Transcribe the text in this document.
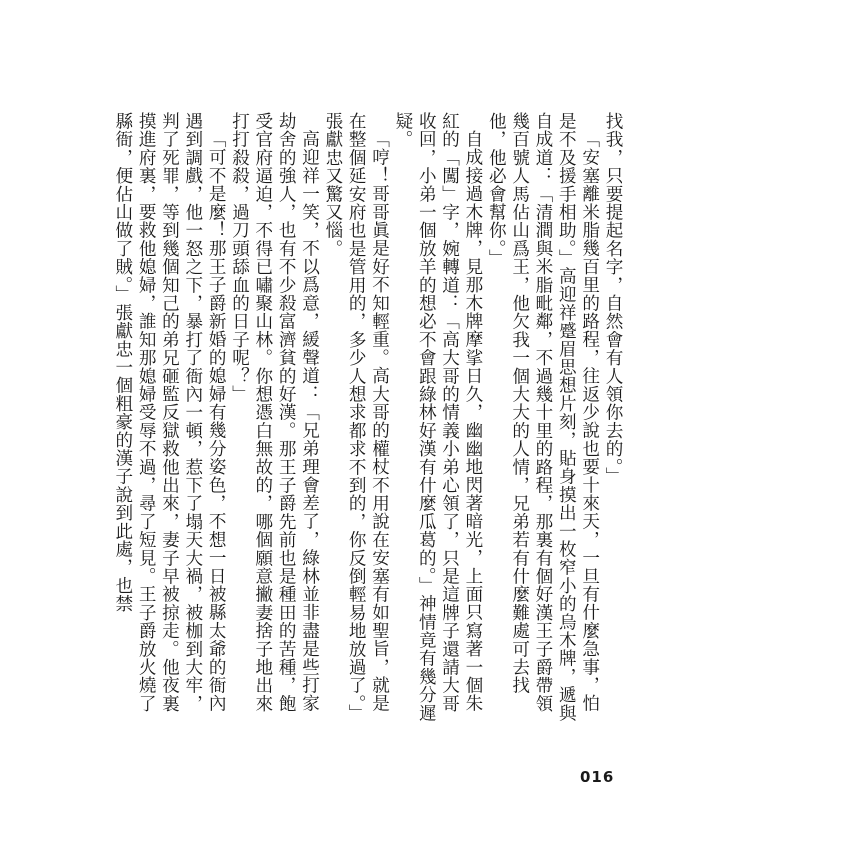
找我，只要提起名字，自然會有人領你去的。」

「安塞離米脂幾百里的路程，往返少說也要十來天，一旦有什麼急事，怕是不及援手相助。」高迎祥蹙眉思想片刻，貼身摸出一枚窄小的烏木牌，遞與自成道：「清澗與米脂毗鄰，不過幾十里的路程，那裏有個好漢王子爵帶領幾百號人馬佔山爲王，他欠我一個大大的人情，兄弟若有什麼難處可去找他，他必會幫你。」

自成接過木牌，見那木牌摩挲日久，幽幽地閃著暗光，上面只寫著一個朱紅的「闖」字，婉轉道：「高大哥的情義小弟心領了，只是這牌子還請大哥收回，小弟一個放羊的想必不會跟綠林好漢有什麼瓜葛的。」神情竟有幾分遲疑。

「哼！哥哥眞是好不知輕重。高大哥的權杖不用說在安塞有如聖旨，就是在整個延安府也是管用的，多少人想求都求不到的，你反倒輕易地放過了。」張獻忠又驚又惱。

高迎祥一笑，不以爲意，緩聲道：「兄弟理會差了，綠林並非盡是些打家劫舍的強人，也有不少殺富濟貧的好漢。那王子爵先前也是種田的苦種，飽受官府逼迫，不得已嘯聚山林。你想憑白無故的，哪個願意撇妻捨子地出來打打殺殺，過刀頭舔血的日子呢？」

「可不是麼！那王子爵新婚的媳婦有幾分姿色，不想一日被縣太爺的衙內遇到調戲，他一怒之下，暴打了衙內一頓，惹下了塌天大禍，被枷到大牢，判了死罪，等到幾個知己的弟兄砸監反獄救他出來，妻子早被掠走。他夜裏摸進府裏，要救他媳婦，誰知那媳婦受辱不過，尋了短見。王子爵放火燒了縣衙，便佔山做了賊。」張獻忠一個粗豪的漢子說到此處，也禁

016
